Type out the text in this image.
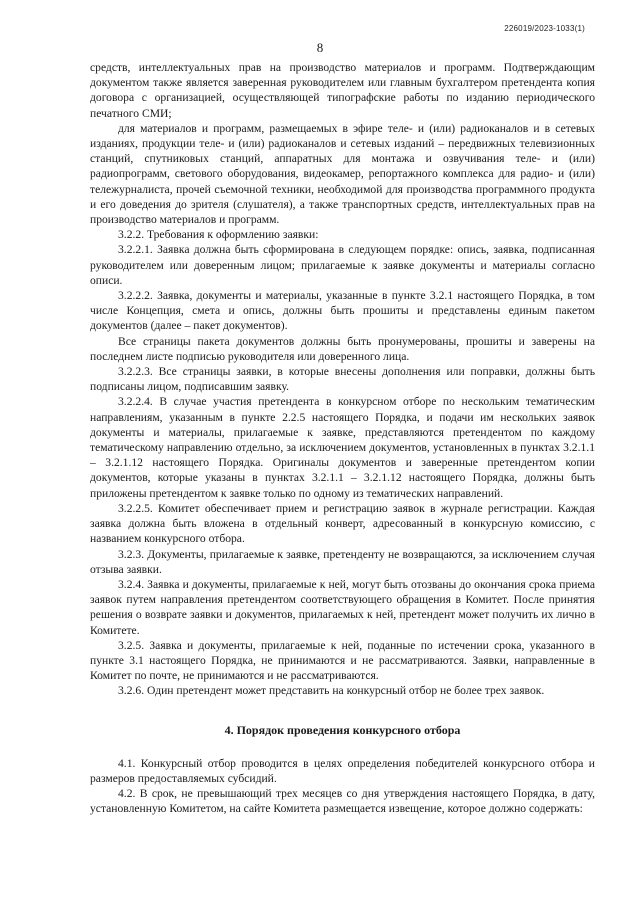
226019/2023-1033(1)
8

средств, интеллектуальных прав на производство материалов и программ. Подтверждающим документом также является заверенная руководителем или главным бухгалтером претендента копия договора с организацией, осуществляющей типографские работы по изданию периодического печатного СМИ;

для материалов и программ, размещаемых в эфире теле- и (или) радиоканалов и в сетевых изданиях, продукции теле- и (или) радиоканалов и сетевых изданий – передвижных телевизионных станций, спутниковых станций, аппаратных для монтажа и озвучивания теле- и (или) радиопрограмм, светового оборудования, видеокамер, репортажного комплекса для радио- и (или) тележурналиста, прочей съемочной техники, необходимой для производства программного продукта и его доведения до зрителя (слушателя), а также транспортных средств, интеллектуальных прав на производство материалов и программ.

3.2.2. Требования к оформлению заявки:

3.2.2.1. Заявка должна быть сформирована в следующем порядке: опись, заявка, подписанная руководителем или доверенным лицом; прилагаемые к заявке документы и материалы согласно описи.

3.2.2.2. Заявка, документы и материалы, указанные в пункте 3.2.1 настоящего Порядка, в том числе Концепция, смета и опись, должны быть прошиты и представлены единым пакетом документов (далее – пакет документов).

Все страницы пакета документов должны быть пронумерованы, прошиты и заверены на последнем листе подписью руководителя или доверенного лица.

3.2.2.3. Все страницы заявки, в которые внесены дополнения или поправки, должны быть подписаны лицом, подписавшим заявку.

3.2.2.4. В случае участия претендента в конкурсном отборе по нескольким тематическим направлениям, указанным в пункте 2.2.5 настоящего Порядка, и подачи им нескольких заявок документы и материалы, прилагаемые к заявке, представляются претендентом по каждому тематическому направлению отдельно, за исключением документов, установленных в пунктах 3.2.1.1 – 3.2.1.12 настоящего Порядка. Оригиналы документов и заверенные претендентом копии документов, которые указаны в пунктах 3.2.1.1 – 3.2.1.12 настоящего Порядка, должны быть приложены претендентом к заявке только по одному из тематических направлений.

3.2.2.5. Комитет обеспечивает прием и регистрацию заявок в журнале регистрации. Каждая заявка должна быть вложена в отдельный конверт, адресованный в конкурсную комиссию, с названием конкурсного отбора.

3.2.3. Документы, прилагаемые к заявке, претенденту не возвращаются, за исключением случая отзыва заявки.

3.2.4. Заявка и документы, прилагаемые к ней, могут быть отозваны до окончания срока приема заявок путем направления претендентом соответствующего обращения в Комитет. После принятия решения о возврате заявки и документов, прилагаемых к ней, претендент может получить их лично в Комитете.

3.2.5. Заявка и документы, прилагаемые к ней, поданные по истечении срока, указанного в пункте 3.1 настоящего Порядка, не принимаются и не рассматриваются. Заявки, направленные в Комитет по почте, не принимаются и не рассматриваются.

3.2.6. Один претендент может представить на конкурсный отбор не более трех заявок.

4. Порядок проведения конкурсного отбора

4.1. Конкурсный отбор проводится в целях определения победителей конкурсного отбора и размеров предоставляемых субсидий.

4.2. В срок, не превышающий трех месяцев со дня утверждения настоящего Порядка, в дату, установленную Комитетом, на сайте Комитета размещается извещение, которое должно содержать:
